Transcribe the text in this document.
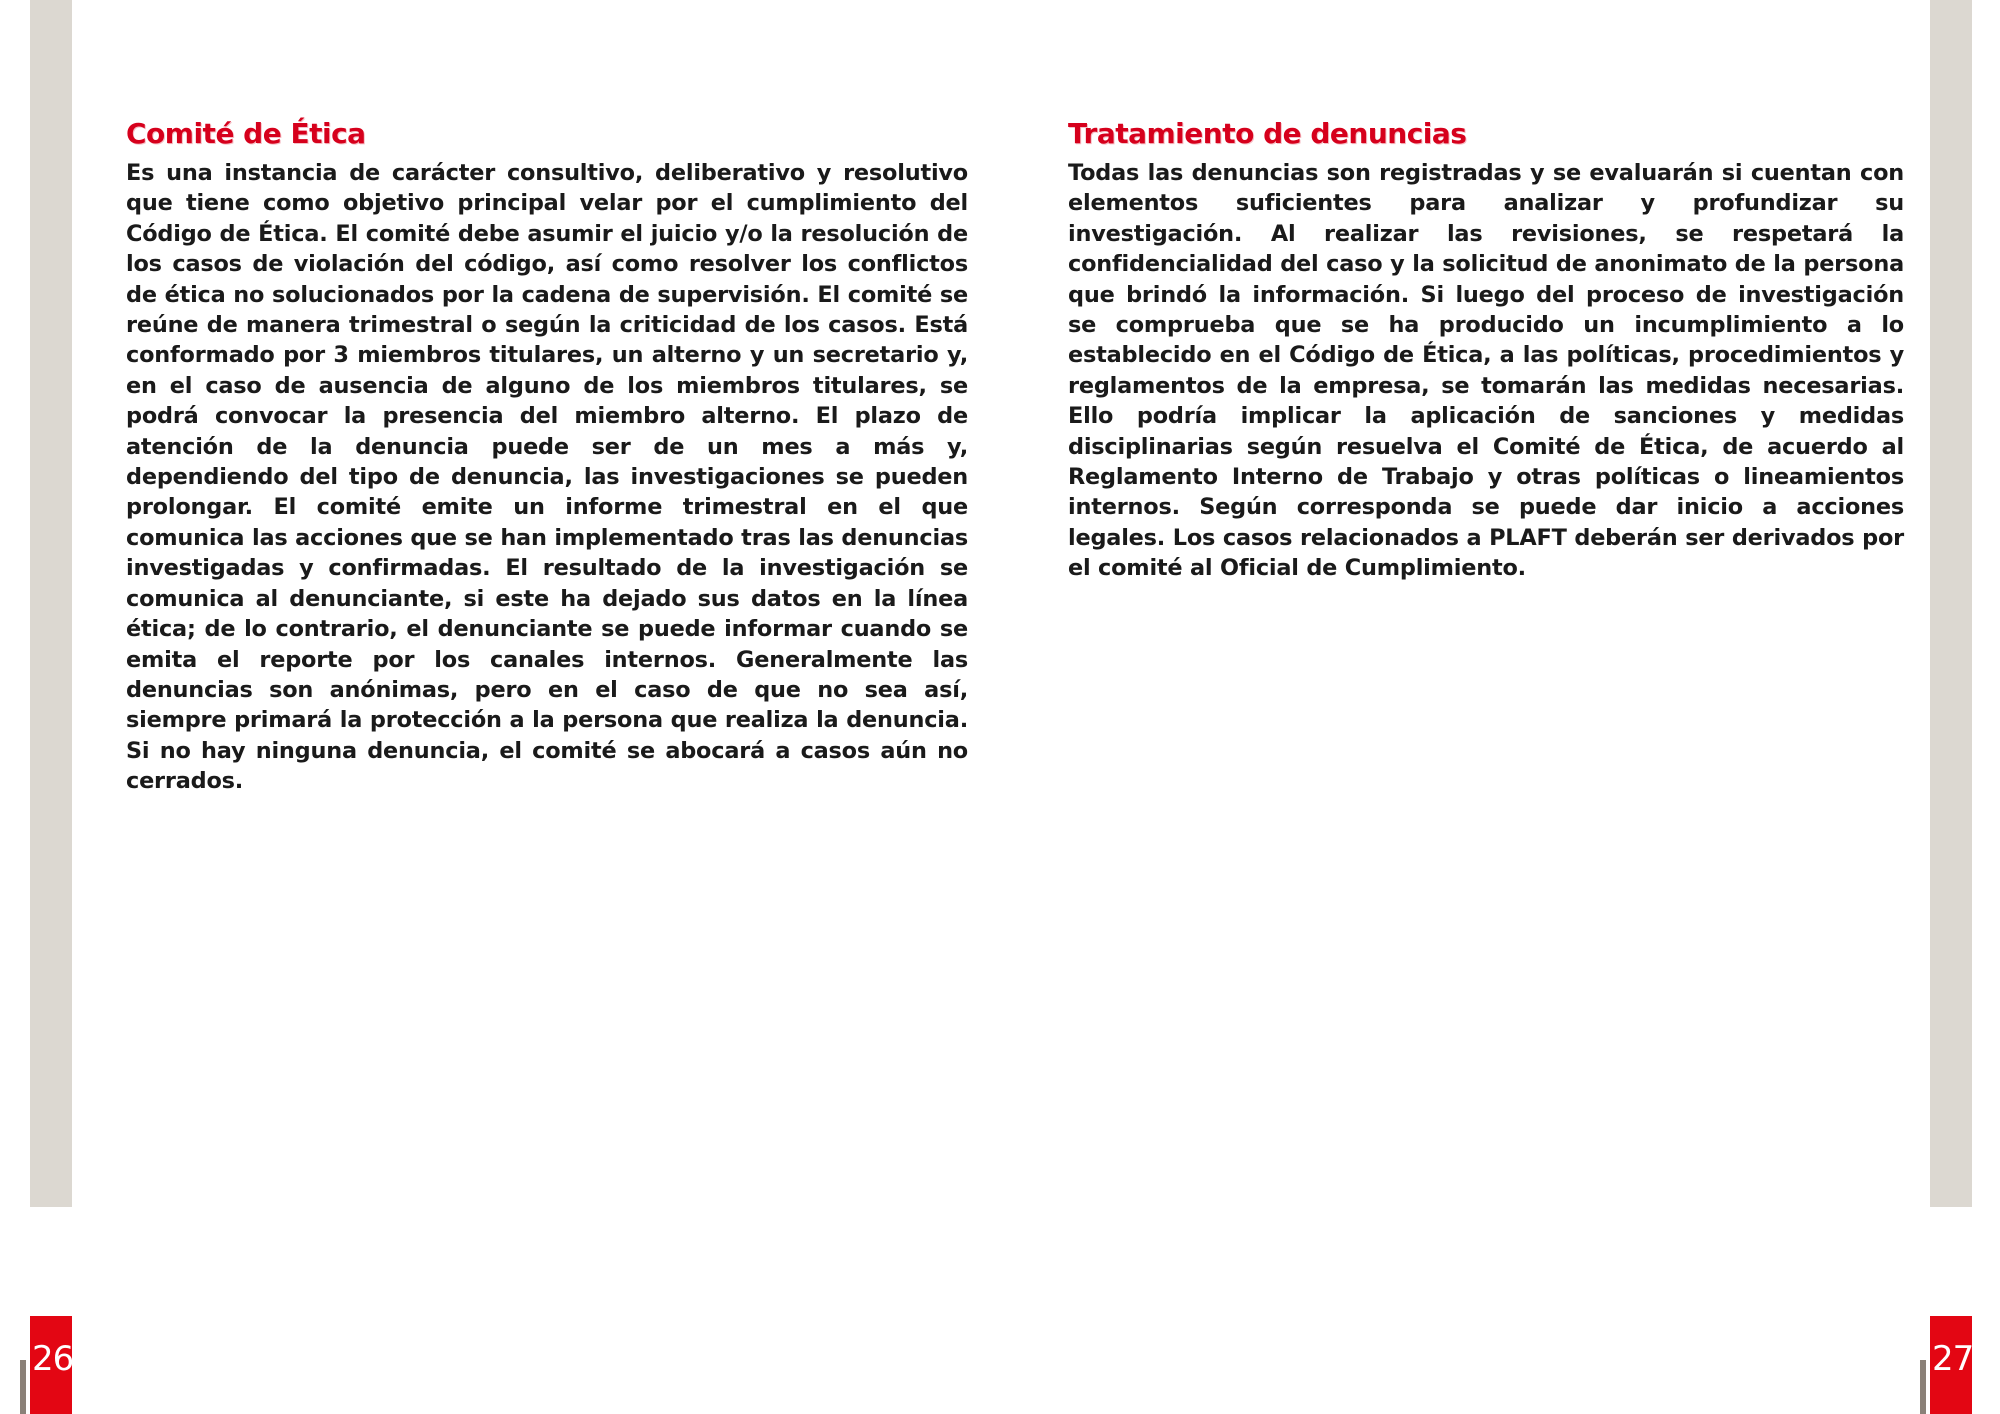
Comité de Ética

Es una instancia de carácter consultivo, deliberativo y resolutivo que tiene como objetivo principal velar por el cumplimiento del Código de Ética. El comité debe asumir el juicio y/o la resolución de los casos de violación del código, así como resolver los conflictos de ética no solucionados por la cadena de supervisión. El comité se reúne de manera trimestral o según la criticidad de los casos. Está conformado por 3 miembros titulares, un alterno y un secretario y, en el caso de ausencia de alguno de los miembros titulares, se podrá convocar la presencia del miembro alterno. El plazo de atención de la denuncia puede ser de un mes a más y, dependiendo del tipo de denuncia, las investigaciones se pueden prolongar. El comité emite un informe trimestral en el que comunica las acciones que se han implementado tras las denuncias investigadas y confirmadas. El resultado de la investigación se comunica al denunciante, si este ha dejado sus datos en la línea ética; de lo contrario, el denunciante se puede informar cuando se emita el reporte por los canales internos. Generalmente las denuncias son anónimas, pero en el caso de que no sea así, siempre primará la protección a la persona que realiza la denuncia. Si no hay ninguna denuncia, el comité se abocará a casos aún no cerrados.

Tratamiento de denuncias

Todas las denuncias son registradas y se evaluarán si cuentan con elementos suficientes para analizar y profundizar su investigación. Al realizar las revisiones, se respetará la confidencialidad del caso y la solicitud de anonimato de la persona que brindó la información. Si luego del proceso de investigación se comprueba que se ha producido un incumplimiento a lo establecido en el Código de Ética, a las políticas, procedimientos y reglamentos de la empresa, se tomarán las medidas necesarias. Ello podría implicar la aplicación de sanciones y medidas disciplinarias según resuelva el Comité de Ética, de acuerdo al Reglamento Interno de Trabajo y otras políticas o lineamientos internos. Según corresponda se puede dar inicio a acciones legales. Los casos relacionados a PLAFT deberán ser derivados por el comité al Oficial de Cumplimiento.

26	27
